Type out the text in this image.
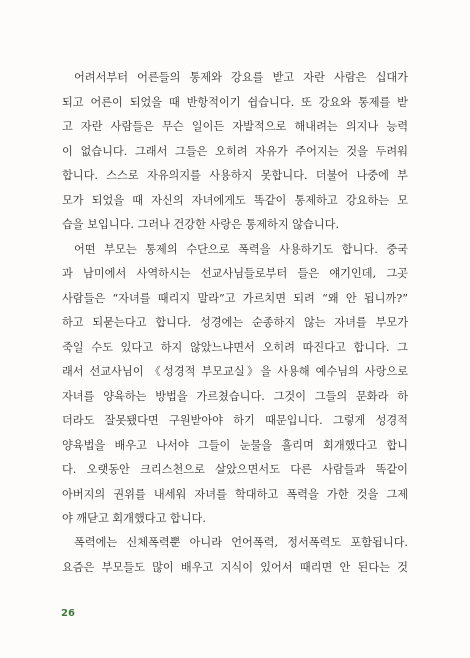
어려서부터 어른들의 통제와 강요를 받고 자란 사람은 십대가
되고 어른이 되었을 때 반항적이기 쉽습니다. 또 강요와 통제를 받
고 자란 사람들은 무슨 일이든 자발적으로 해내려는 의지나 능력
이 없습니다. 그래서 그들은 오히려 자유가 주어지는 것을 두려워
합니다. 스스로 자유의지를 사용하지 못합니다. 더불어 나중에 부
모가 되었을 때 자신의 자녀에게도 똑같이 통제하고 강요하는 모
습을 보입니다. 그러나 건강한 사랑은 통제하지 않습니다.
어떤 부모는 통제의 수단으로 폭력을 사용하기도 합니다. 중국
과 남미에서 사역하시는 선교사님들로부터 들은 얘기인데, 그곳
사람들은 “자녀를 때리지 말라”고 가르치면 되려 “왜 안 됩니까?”
하고 되묻는다고 합니다. 성경에는 순종하지 않는 자녀를 부모가
죽일 수도 있다고 하지 않았느냐면서 오히려 따진다고 합니다. 그
래서 선교사님이 《성경적 부모교실》을 사용해 예수님의 사랑으로
자녀를 양육하는 방법을 가르쳤습니다. 그것이 그들의 문화라 하
더라도 잘못됐다면 구원받아야 하기 때문입니다. 그렇게 성경적
양육법을 배우고 나서야 그들이 눈물을 흘리며 회개했다고 합니
다. 오랫동안 크리스천으로 살았으면서도 다른 사람들과 똑같이
아버지의 권위를 내세워 자녀를 학대하고 폭력을 가한 것을 그제
야 깨닫고 회개했다고 합니다.
폭력에는 신체폭력뿐 아니라 언어폭력, 정서폭력도 포함됩니다.
요즘은 부모들도 많이 배우고 지식이 있어서 때리면 안 된다는 것
26
